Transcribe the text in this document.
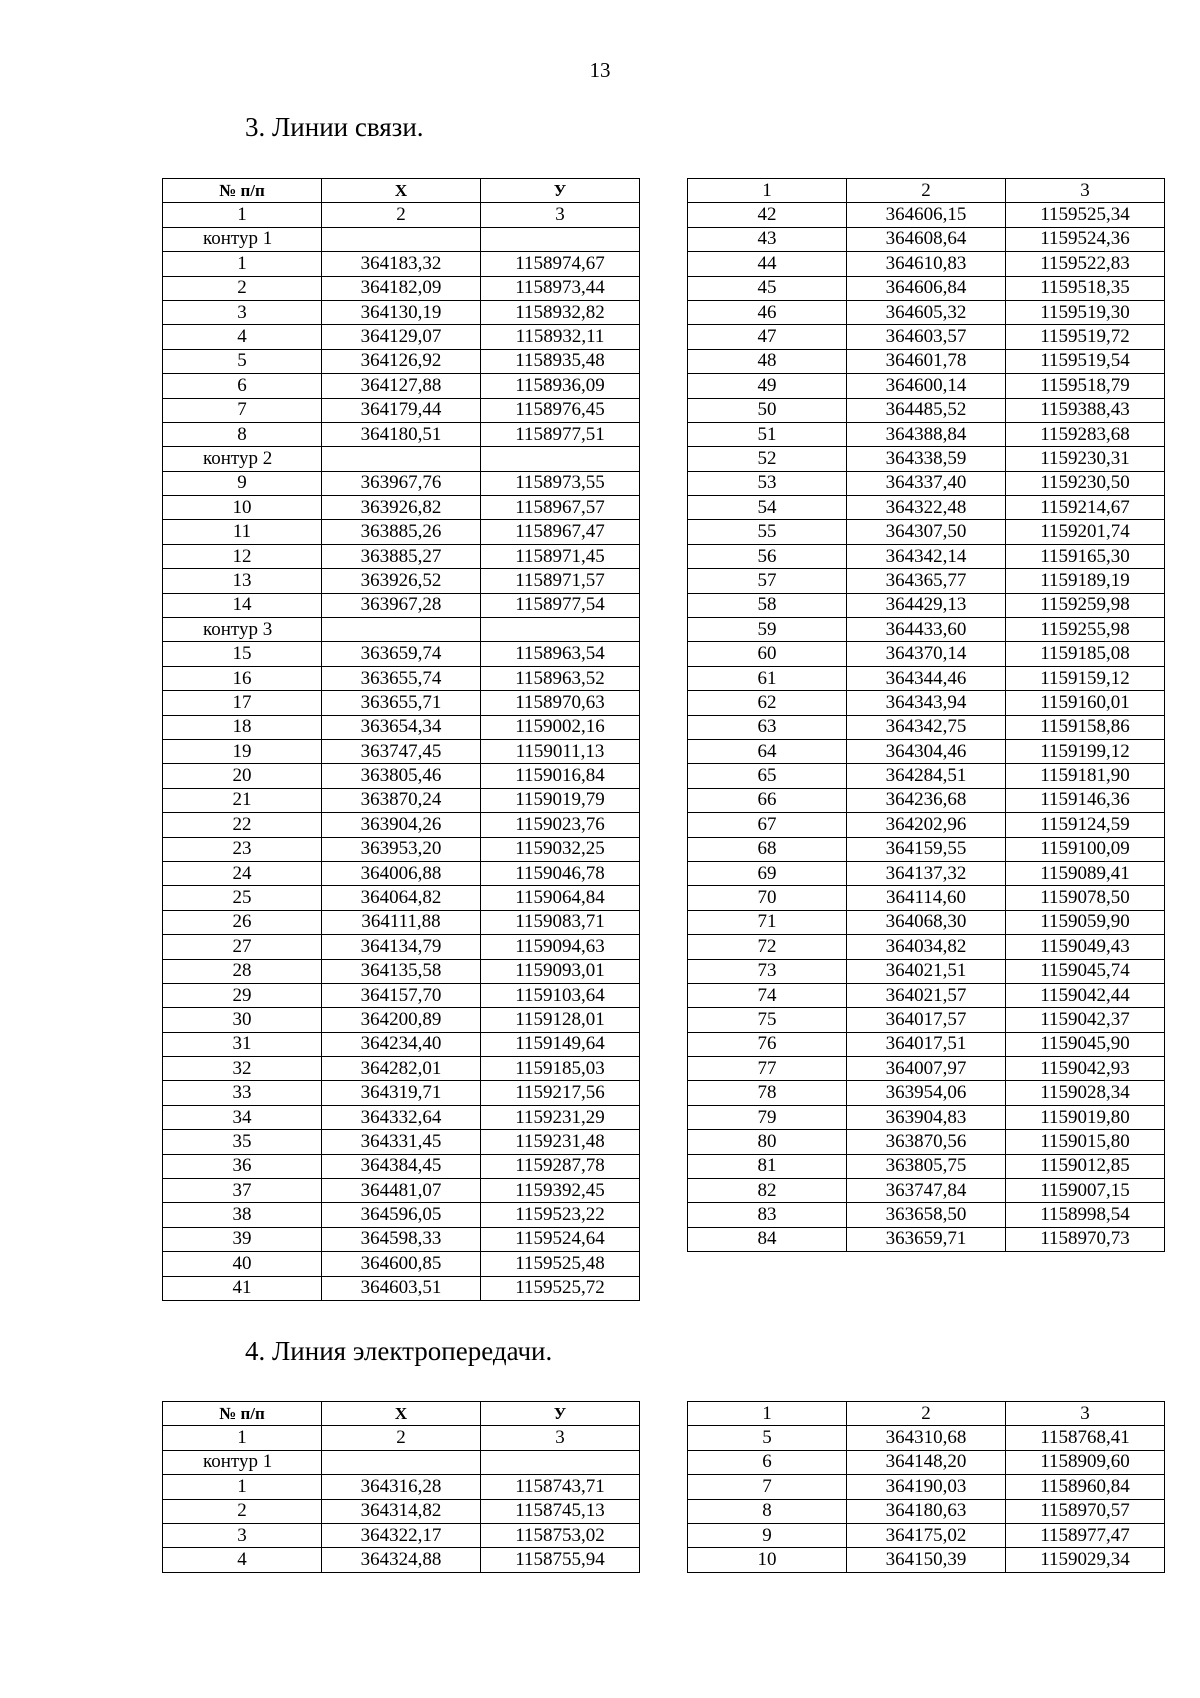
13
3. Линии связи.
№ п/п	X	У
1	2	3
контур 1		
1	364183,32	1158974,67
2	364182,09	1158973,44
3	364130,19	1158932,82
4	364129,07	1158932,11
5	364126,92	1158935,48
6	364127,88	1158936,09
7	364179,44	1158976,45
8	364180,51	1158977,51
контур 2		
9	363967,76	1158973,55
10	363926,82	1158967,57
11	363885,26	1158967,47
12	363885,27	1158971,45
13	363926,52	1158971,57
14	363967,28	1158977,54
контур 3		
15	363659,74	1158963,54
16	363655,74	1158963,52
17	363655,71	1158970,63
18	363654,34	1159002,16
19	363747,45	1159011,13
20	363805,46	1159016,84
21	363870,24	1159019,79
22	363904,26	1159023,76
23	363953,20	1159032,25
24	364006,88	1159046,78
25	364064,82	1159064,84
26	364111,88	1159083,71
27	364134,79	1159094,63
28	364135,58	1159093,01
29	364157,70	1159103,64
30	364200,89	1159128,01
31	364234,40	1159149,64
32	364282,01	1159185,03
33	364319,71	1159217,56
34	364332,64	1159231,29
35	364331,45	1159231,48
36	364384,45	1159287,78
37	364481,07	1159392,45
38	364596,05	1159523,22
39	364598,33	1159524,64
40	364600,85	1159525,48
41	364603,51	1159525,72
1	2	3
42	364606,15	1159525,34
43	364608,64	1159524,36
44	364610,83	1159522,83
45	364606,84	1159518,35
46	364605,32	1159519,30
47	364603,57	1159519,72
48	364601,78	1159519,54
49	364600,14	1159518,79
50	364485,52	1159388,43
51	364388,84	1159283,68
52	364338,59	1159230,31
53	364337,40	1159230,50
54	364322,48	1159214,67
55	364307,50	1159201,74
56	364342,14	1159165,30
57	364365,77	1159189,19
58	364429,13	1159259,98
59	364433,60	1159255,98
60	364370,14	1159185,08
61	364344,46	1159159,12
62	364343,94	1159160,01
63	364342,75	1159158,86
64	364304,46	1159199,12
65	364284,51	1159181,90
66	364236,68	1159146,36
67	364202,96	1159124,59
68	364159,55	1159100,09
69	364137,32	1159089,41
70	364114,60	1159078,50
71	364068,30	1159059,90
72	364034,82	1159049,43
73	364021,51	1159045,74
74	364021,57	1159042,44
75	364017,57	1159042,37
76	364017,51	1159045,90
77	364007,97	1159042,93
78	363954,06	1159028,34
79	363904,83	1159019,80
80	363870,56	1159015,80
81	363805,75	1159012,85
82	363747,84	1159007,15
83	363658,50	1158998,54
84	363659,71	1158970,73
4. Линия электропередачи.
№ п/п	X	У
1	2	3
контур 1		
1	364316,28	1158743,71
2	364314,82	1158745,13
3	364322,17	1158753,02
4	364324,88	1158755,94
1	2	3
5	364310,68	1158768,41
6	364148,20	1158909,60
7	364190,03	1158960,84
8	364180,63	1158970,57
9	364175,02	1158977,47
10	364150,39	1159029,34
